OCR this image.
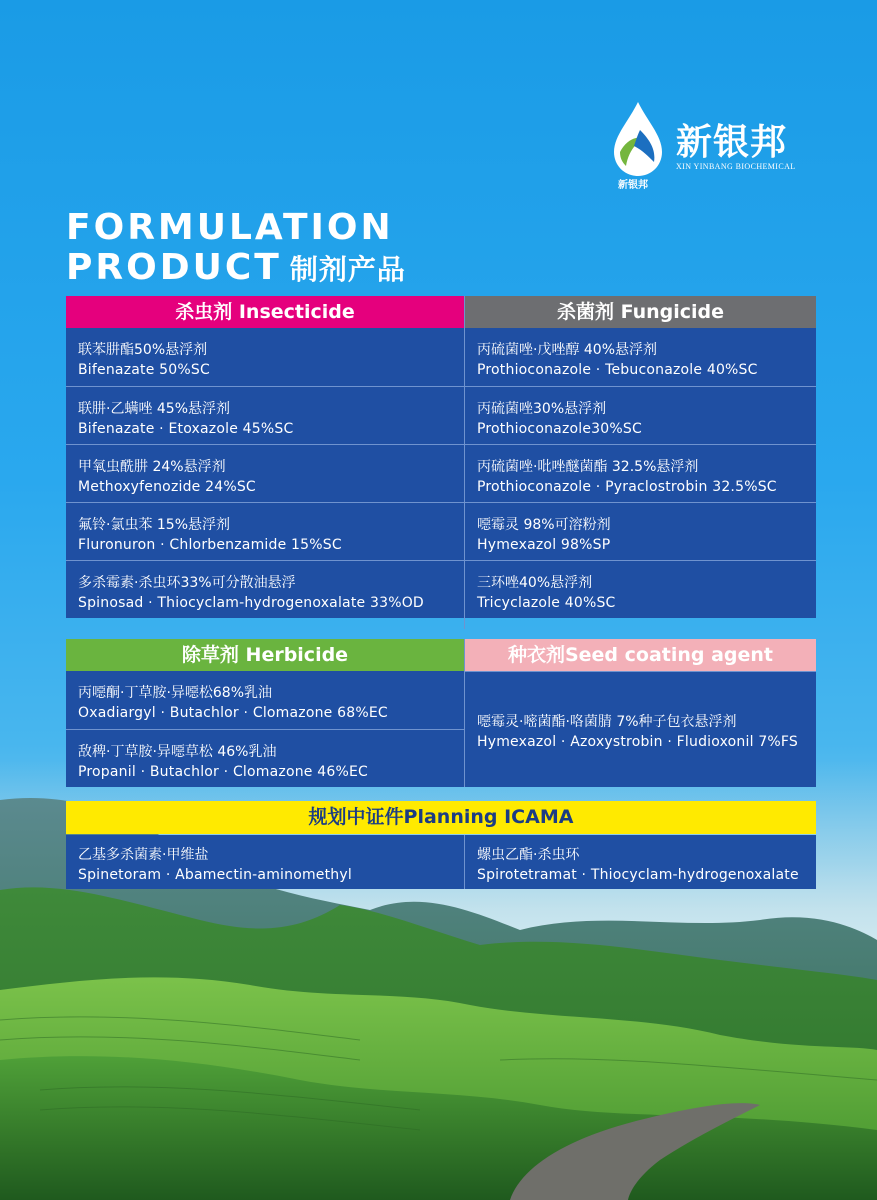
新银邦
XIN YINBANG BIOCHEMICAL
新银邦
FORMULATION
PRODUCT 制剂产品
杀虫剂 Insecticide
联苯肼酯50%悬浮剂
Bifenazate 50%SC
联肼·乙螨唑 45%悬浮剂
Bifenazate · Etoxazole 45%SC
甲氧虫酰肼 24%悬浮剂
Methoxyfenozide 24%SC
氟铃·氯虫苯 15%悬浮剂
Fluronuron · Chlorbenzamide 15%SC
多杀霉素·杀虫环33%可分散油悬浮
Spinosad · Thiocyclam-hydrogenoxalate 33%OD
杀菌剂 Fungicide
丙硫菌唑·戊唑醇 40%悬浮剂
Prothioconazole · Tebuconazole 40%SC
丙硫菌唑30%悬浮剂
Prothioconazole30%SC
丙硫菌唑·吡唑醚菌酯 32.5%悬浮剂
Prothioconazole · Pyraclostrobin 32.5%SC
噁霉灵 98%可溶粉剂
Hymexazol 98%SP
三环唑40%悬浮剂
Tricyclazole 40%SC
除草剂 Herbicide
丙噁酮·丁草胺·异噁松68%乳油
Oxadiargyl · Butachlor · Clomazone 68%EC
敌稗·丁草胺·异噁草松 46%乳油
Propanil · Butachlor · Clomazone 46%EC
种衣剂Seed coating agent
噁霉灵·嘧菌酯·咯菌腈 7%种子包衣悬浮剂
Hymexazol · Azoxystrobin · Fludioxonil 7%FS
规划中证件Planning ICAMA
乙基多杀菌素·甲维盐
Spinetoram · Abamectin-aminomethyl
螺虫乙酯·杀虫环
Spirotetramat · Thiocyclam-hydrogenoxalate
